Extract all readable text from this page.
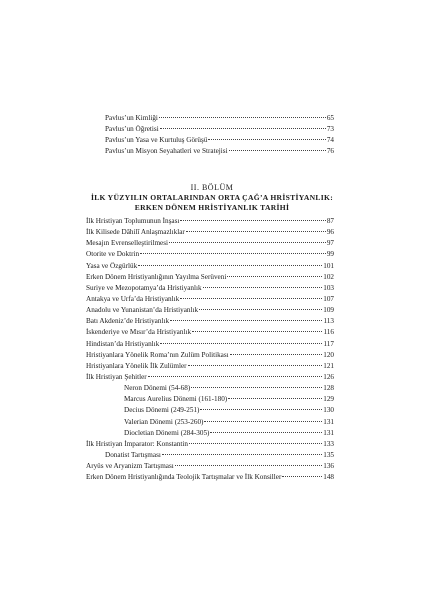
Pavlus’un Kimliği	65
Pavlus’un Öğretisi	73
Pavlus’un Yasa ve Kurtuluş Görüşü	74
Pavlus’un Misyon Seyahatleri ve Stratejisi	76
II. BÖLÜM
İLK YÜZYILIN ORTALARINDAN ORTA ÇAĞ’A HRİSTİYANLIK:
ERKEN DÖNEM HRİSTİYANLIK TARİHİ
İlk Hristiyan Toplumunun İnşası	87
İlk Kilisede Dâhilî Anlaşmazlıklar	96
Mesajın Evrenselleştirilmesi	97
Otorite ve Doktrin	99
Yasa ve Özgürlük	101
Erken Dönem Hristiyanlığının Yayılma Serüveni	102
Suriye ve Mezopotamya’da Hristiyanlık	103
Antakya ve Urfa’da Hristiyanlık	107
Anadolu ve Yunanistan’da Hristiyanlık	109
Batı Akdeniz’de Hristiyanlık	113
İskenderiye ve Mısır’da Hristiyanlık	116
Hindistan’da Hristiyanlık	117
Hristiyanlara Yönelik Roma’nın Zulüm Politikası	120
Hristiyanlara Yönelik İlk Zulümler	121
İlk Hristiyan Şehitler	126
Neron Dönemi (54-68)	128
Marcus Aurelius Dönemi (161-180)	129
Decius Dönemi (249-251)	130
Valerian Dönemi (253-260)	131
Diocletian Dönemi (284-305)	131
İlk Hristiyan İmparator: Konstantin	133
Donatist Tartışması	135
Aryüs ve Aryanizm Tartışması	136
Erken Dönem Hristiyanlığında Teolojik Tartışmalar ve İlk Konsiller	148
